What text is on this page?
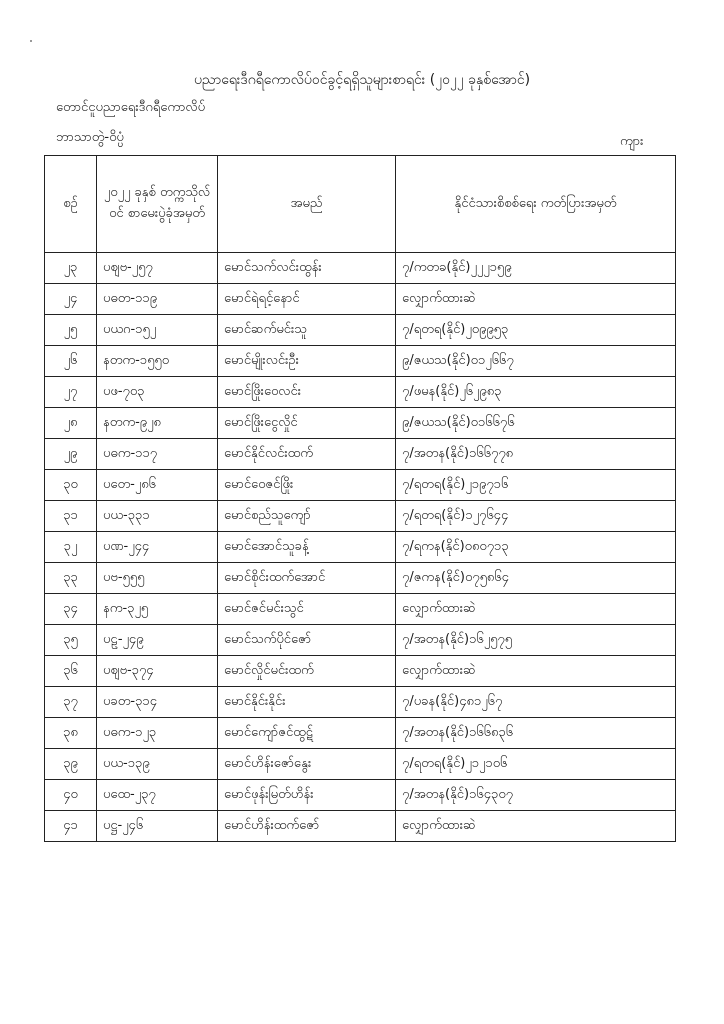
ပညာရေးဒီဂရီကောလိပ်ဝင်ခွင့်ရရှိသူများစာရင်း (၂၀၂၂ ခုနှစ်အောင်)
တောင်ငူပညာရေးဒီဂရီကောလိပ်
ဘာသာတွဲ-ဝိပ္ပံ	ကျား
စဉ်	၂၀၂၂ ခုနှစ် တက္ကသိုလ်ဝင် စာမေးပွဲခုံအမှတ်	အမည်	နိုင်ငံသားစိစစ်ရေး ကတ်ပြားအမှတ်
၂၃	ပဈဗ-၂၅၇	မောင်သက်လင်းထွန်း	၇/ကတခ(နိုင်)၂၂၂၁၅၉
၂၄	ပဓတ-၁၁၉	မောင်ရဲရင့်နောင်	လျှောက်ထားဆဲ
၂၅	ပယဂ-၁၅၂	မောင်ဆက်မင်းသူ	၇/ရတရ(နိုင်)၂၀၉၉၅၃
၂၆	နတက-၁၅၅၀	မောင်မျိုးလင်းဦး	၉/ဇယသ(နိုင်)၀၁၂၆၆၇
၂၇	ပဖ-၇၀၃	မောင်ဖြိုးဝေလင်း	၇/ဖမန(နိုင်)၂၆၂၉၈၃
၂၈	နတက-၉၂၈	မောင်ဖြိုးငွေလှိုင်	၉/ဇယသ(နိုင်)၀၁၆၆၇၆
၂၉	ပဓက-၁၁၇	မောင်နိုင်လင်းထက်	၇/အတန(နိုင်)၁၆၆၇၇၈
၃၀	ပတေ-၂၈၆	မောင်ဝေဇင်ဖြိုး	၇/ရတရ(နိုင်)၂၁၉၇၁၆
၃၁	ပယ-၃၃၁	မောင်စည်သူကျော်	၇/ရတရ(နိုင်)၁၂၇၆၄၄
၃၂	ပဏ-၂၄၄	မောင်အောင်သူခန့်	၇/ရကန(နိုင်)၀၈၀၇၁၃
၃၃	ပဗ-၅၅၅	မောင်စိုင်းထက်အောင်	၇/ဇကန(နိုင်)၀၇၅၈၆၄
၃၄	နက-၃၂၅	မောင်ဇင်မင်းသွင်	လျှောက်ထားဆဲ
၃၅	ပဠ-၂၄၉	မောင်သက်ပိုင်ဇော်	၇/အတန(နိုင်)၁၆၂၅၇၅
၃၆	ပဈဗ-၃၇၄	မောင်လှိုင်မင်းထက်	လျှောက်ထားဆဲ
၃၇	ပခတ-၃၁၄	မောင်နိုင်းနိုင်း	၇/ပခန(နိုင်)၄၈၁၂၆၇
၃၈	ပဓက-၁၂၃	မောင်ကျော်ဇင်ထွဋ်	၇/အတန(နိုင်)၁၆၆၈၃၆
၃၉	ပယ-၁၃၉	မောင်ဟိန်းဇော်နွေး	၇/ရတရ(နိုင်)၂၁၂၁၀၆
၄၀	ပထေ-၂၃၇	မောင်ဖုန်းမြတ်ဟိန်း	၇/အတန(နိုင်)၁၆၄၃၀၇
၄၁	ပဋ္ဌ-၂၄၆	မောင်ဟိန်းထက်ဇော်	လျှောက်ထားဆဲ
